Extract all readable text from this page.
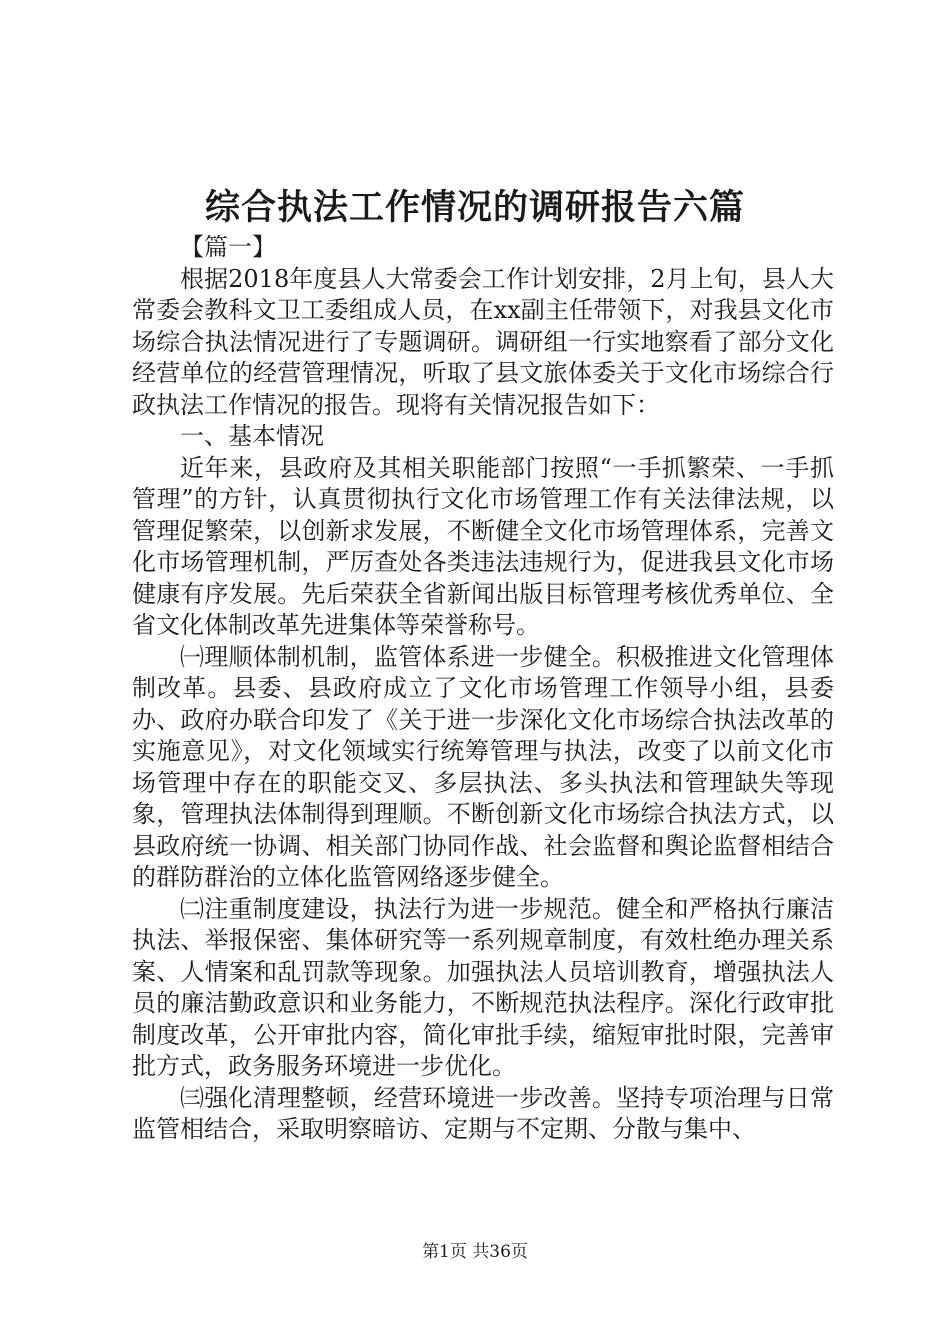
综合执法工作情况的调研报告六篇

【篇一】

根据2018年度县人大常委会工作计划安排，2月上旬，县人大常委会教科文卫工委组成人员，在xx副主任带领下，对我县文化市场综合执法情况进行了专题调研。调研组一行实地察看了部分文化经营单位的经营管理情况，听取了县文旅体委关于文化市场综合行政执法工作情况的报告。现将有关情况报告如下：

一、基本情况

近年来，县政府及其相关职能部门按照“一手抓繁荣、一手抓管理”的方针，认真贯彻执行文化市场管理工作有关法律法规，以管理促繁荣，以创新求发展，不断健全文化市场管理体系，完善文化市场管理机制，严厉查处各类违法违规行为，促进我县文化市场健康有序发展。先后荣获全省新闻出版目标管理考核优秀单位、全省文化体制改革先进集体等荣誉称号。

㈠理顺体制机制，监管体系进一步健全。积极推进文化管理体制改革。县委、县政府成立了文化市场管理工作领导小组，县委办、政府办联合印发了《关于进一步深化文化市场综合执法改革的实施意见》，对文化领域实行统筹管理与执法，改变了以前文化市场管理中存在的职能交叉、多层执法、多头执法和管理缺失等现象，管理执法体制得到理顺。不断创新文化市场综合执法方式，以县政府统一协调、相关部门协同作战、社会监督和舆论监督相结合的群防群治的立体化监管网络逐步健全。

㈡注重制度建设，执法行为进一步规范。健全和严格执行廉洁执法、举报保密、集体研究等一系列规章制度，有效杜绝办理关系案、人情案和乱罚款等现象。加强执法人员培训教育，增强执法人员的廉洁勤政意识和业务能力，不断规范执法程序。深化行政审批制度改革，公开审批内容，简化审批手续，缩短审批时限，完善审批方式，政务服务环境进一步优化。

㈢强化清理整顿，经营环境进一步改善。坚持专项治理与日常监管相结合，采取明察暗访、定期与不定期、分散与集中、

第1页 共36页
